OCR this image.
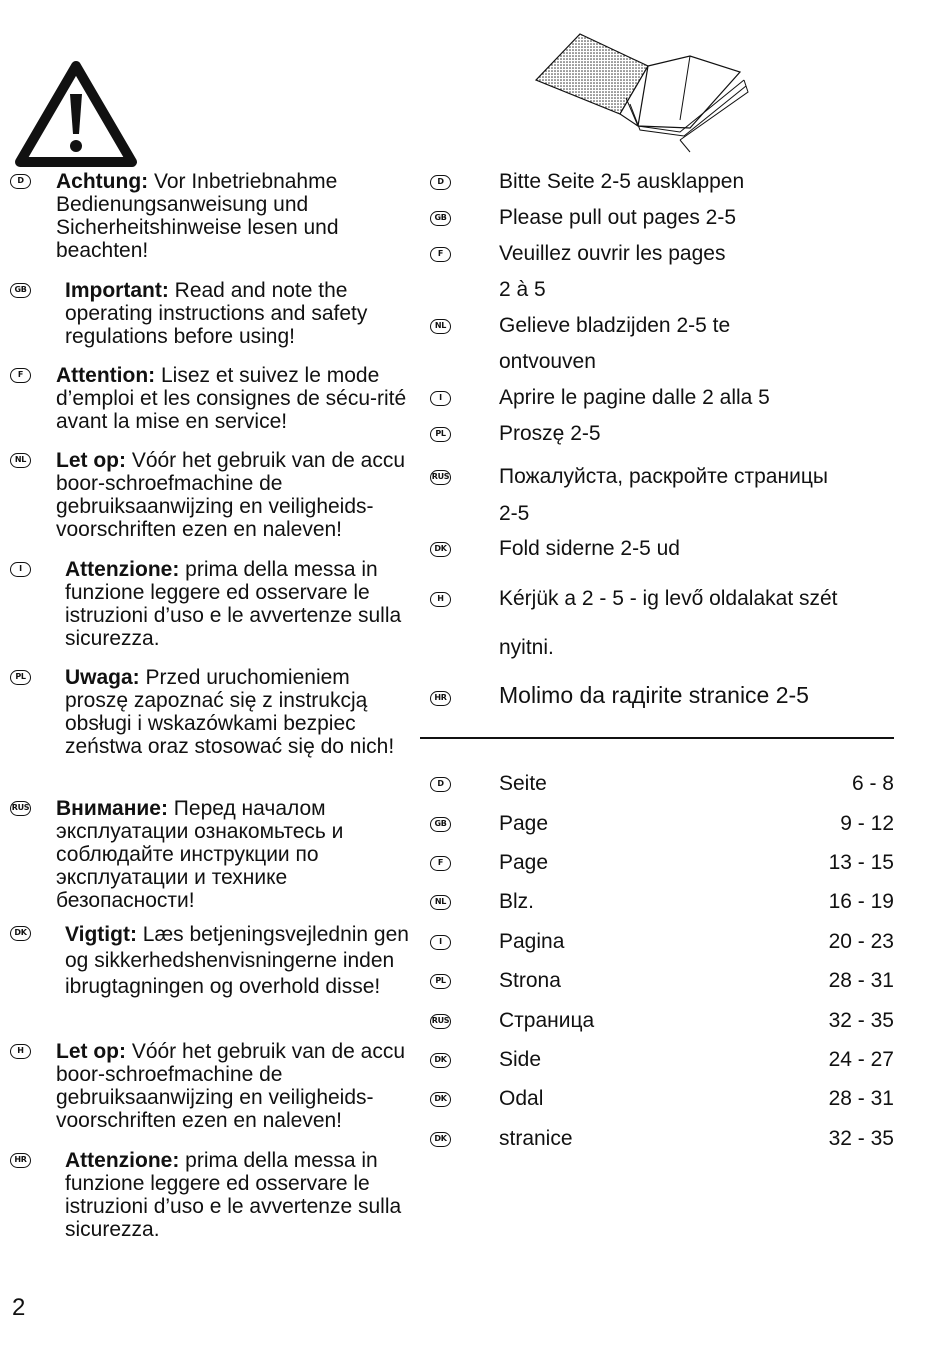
D	Achtung: Vor Inbetriebnahme Bedienungsanweisung und Sicherheitshinweise lesen und beachten!
GB Important: Read and note the operating instructions and safety regulations before using!
F	Attention: Lisez et suivez le mode d’emploi et les consignes de sécu-rité avant la mise en service!
NL Let op: Vóór het gebruik van de accu boor-schroefmachine de gebruiksaanwijzing en veiligheids-voorschriften ezen en naleven!
I	Attenzione: prima della messa in funzione leggere ed osservare le istruzioni d’uso e le avvertenze sulla sicurezza.
PL Uwaga: Przed uruchomieniem proszę zapoznać się z instrukcją obsługi i wskazówkami bezpiec zeństwa oraz stosować się do nich!
RUS Внимание: Перед началом эксплуатации ознакомьтесь и соблюдайте инструкции по эксплуатации и технике безопасности!
DK Vigtigt: Læs betjeningsvejlednin gen og sikkerhedshenvisningerne inden ibrugtagningen og overhold disse!
H	Let op: Vóór het gebruik van de accu boor-schroefmachine de gebruiksaanwijzing en veiligheids-voorschriften ezen en naleven!
HR Attenzione: prima della messa in funzione leggere ed osservare le istruzioni d’uso e le avvertenze sulla sicurezza.
D	Bitte Seite 2-5 ausklappen
GB Please pull out pages 2-5
F	Veuillez ouvrir les pages
2 à 5
NL	Gelieve bladzijden 2-5 te
ontvouven
I	Aprire le pagine dalle 2 alla 5
PL	Proszę 2-5
RUS Пожалуйста, раскройте страницы
2-5
DK Fold siderne 2-5 ud
H	Kérjük a 2 - 5 - ig levő oldalakat szét
nyitni.
HR Molimo da raдirite stranice 2-5
D	Seite	6 - 8
GB Page	9 - 12
F	Page	13 - 15
NL	Blz.	16 - 19
I	Pagina	20 - 23
PL	Strona	28 - 31
RUS Страница	32 - 35
DK Side	24 - 27
DK Odal	28 - 31
DK stranice	32 - 35
2
